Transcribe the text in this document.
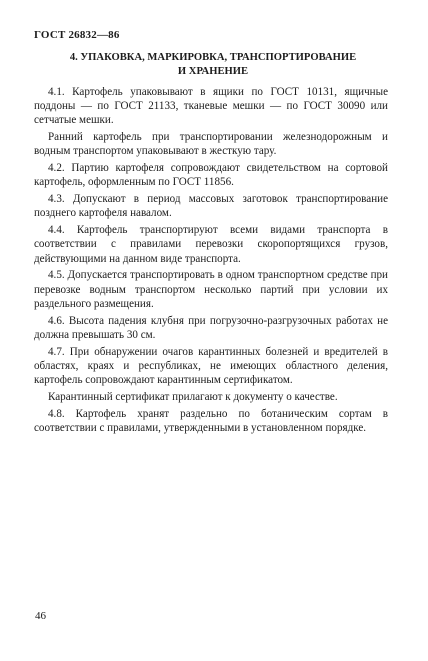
ГОСТ 26832—86
4. УПАКОВКА, МАРКИРОВКА, ТРАНСПОРТИРОВАНИЕ
И ХРАНЕНИЕ

4.1. Картофель упаковывают в ящики по ГОСТ 10131, ящичные поддоны — по ГОСТ 21133, тканевые мешки — по ГОСТ 30090 или сетчатые мешки.

Ранний картофель при транспортировании железнодорожным и водным транспортом упаковывают в жесткую тару.

4.2. Партию картофеля сопровождают свидетельством на сортовой картофель, оформленным по ГОСТ 11856.

4.3. Допускают в период массовых заготовок транспортирование позднего картофеля навалом.

4.4. Картофель транспортируют всеми видами транспорта в соответствии с правилами перевозки скоропортящихся грузов, действующими на данном виде транспорта.

4.5. Допускается транспортировать в одном транспортном средстве при перевозке водным транспортом несколько партий при условии их раздельного размещения.

4.6. Высота падения клубня при погрузочно-разгрузочных работах не должна превышать 30 см.

4.7. При обнаружении очагов карантинных болезней и вредителей в областях, краях и республиках, не имеющих областного деления, картофель сопровождают карантинным сертификатом.

Карантинный сертификат прилагают к документу о качестве.

4.8. Картофель хранят раздельно по ботаническим сортам в соответствии с правилами, утвержденными в установленном порядке.

46
